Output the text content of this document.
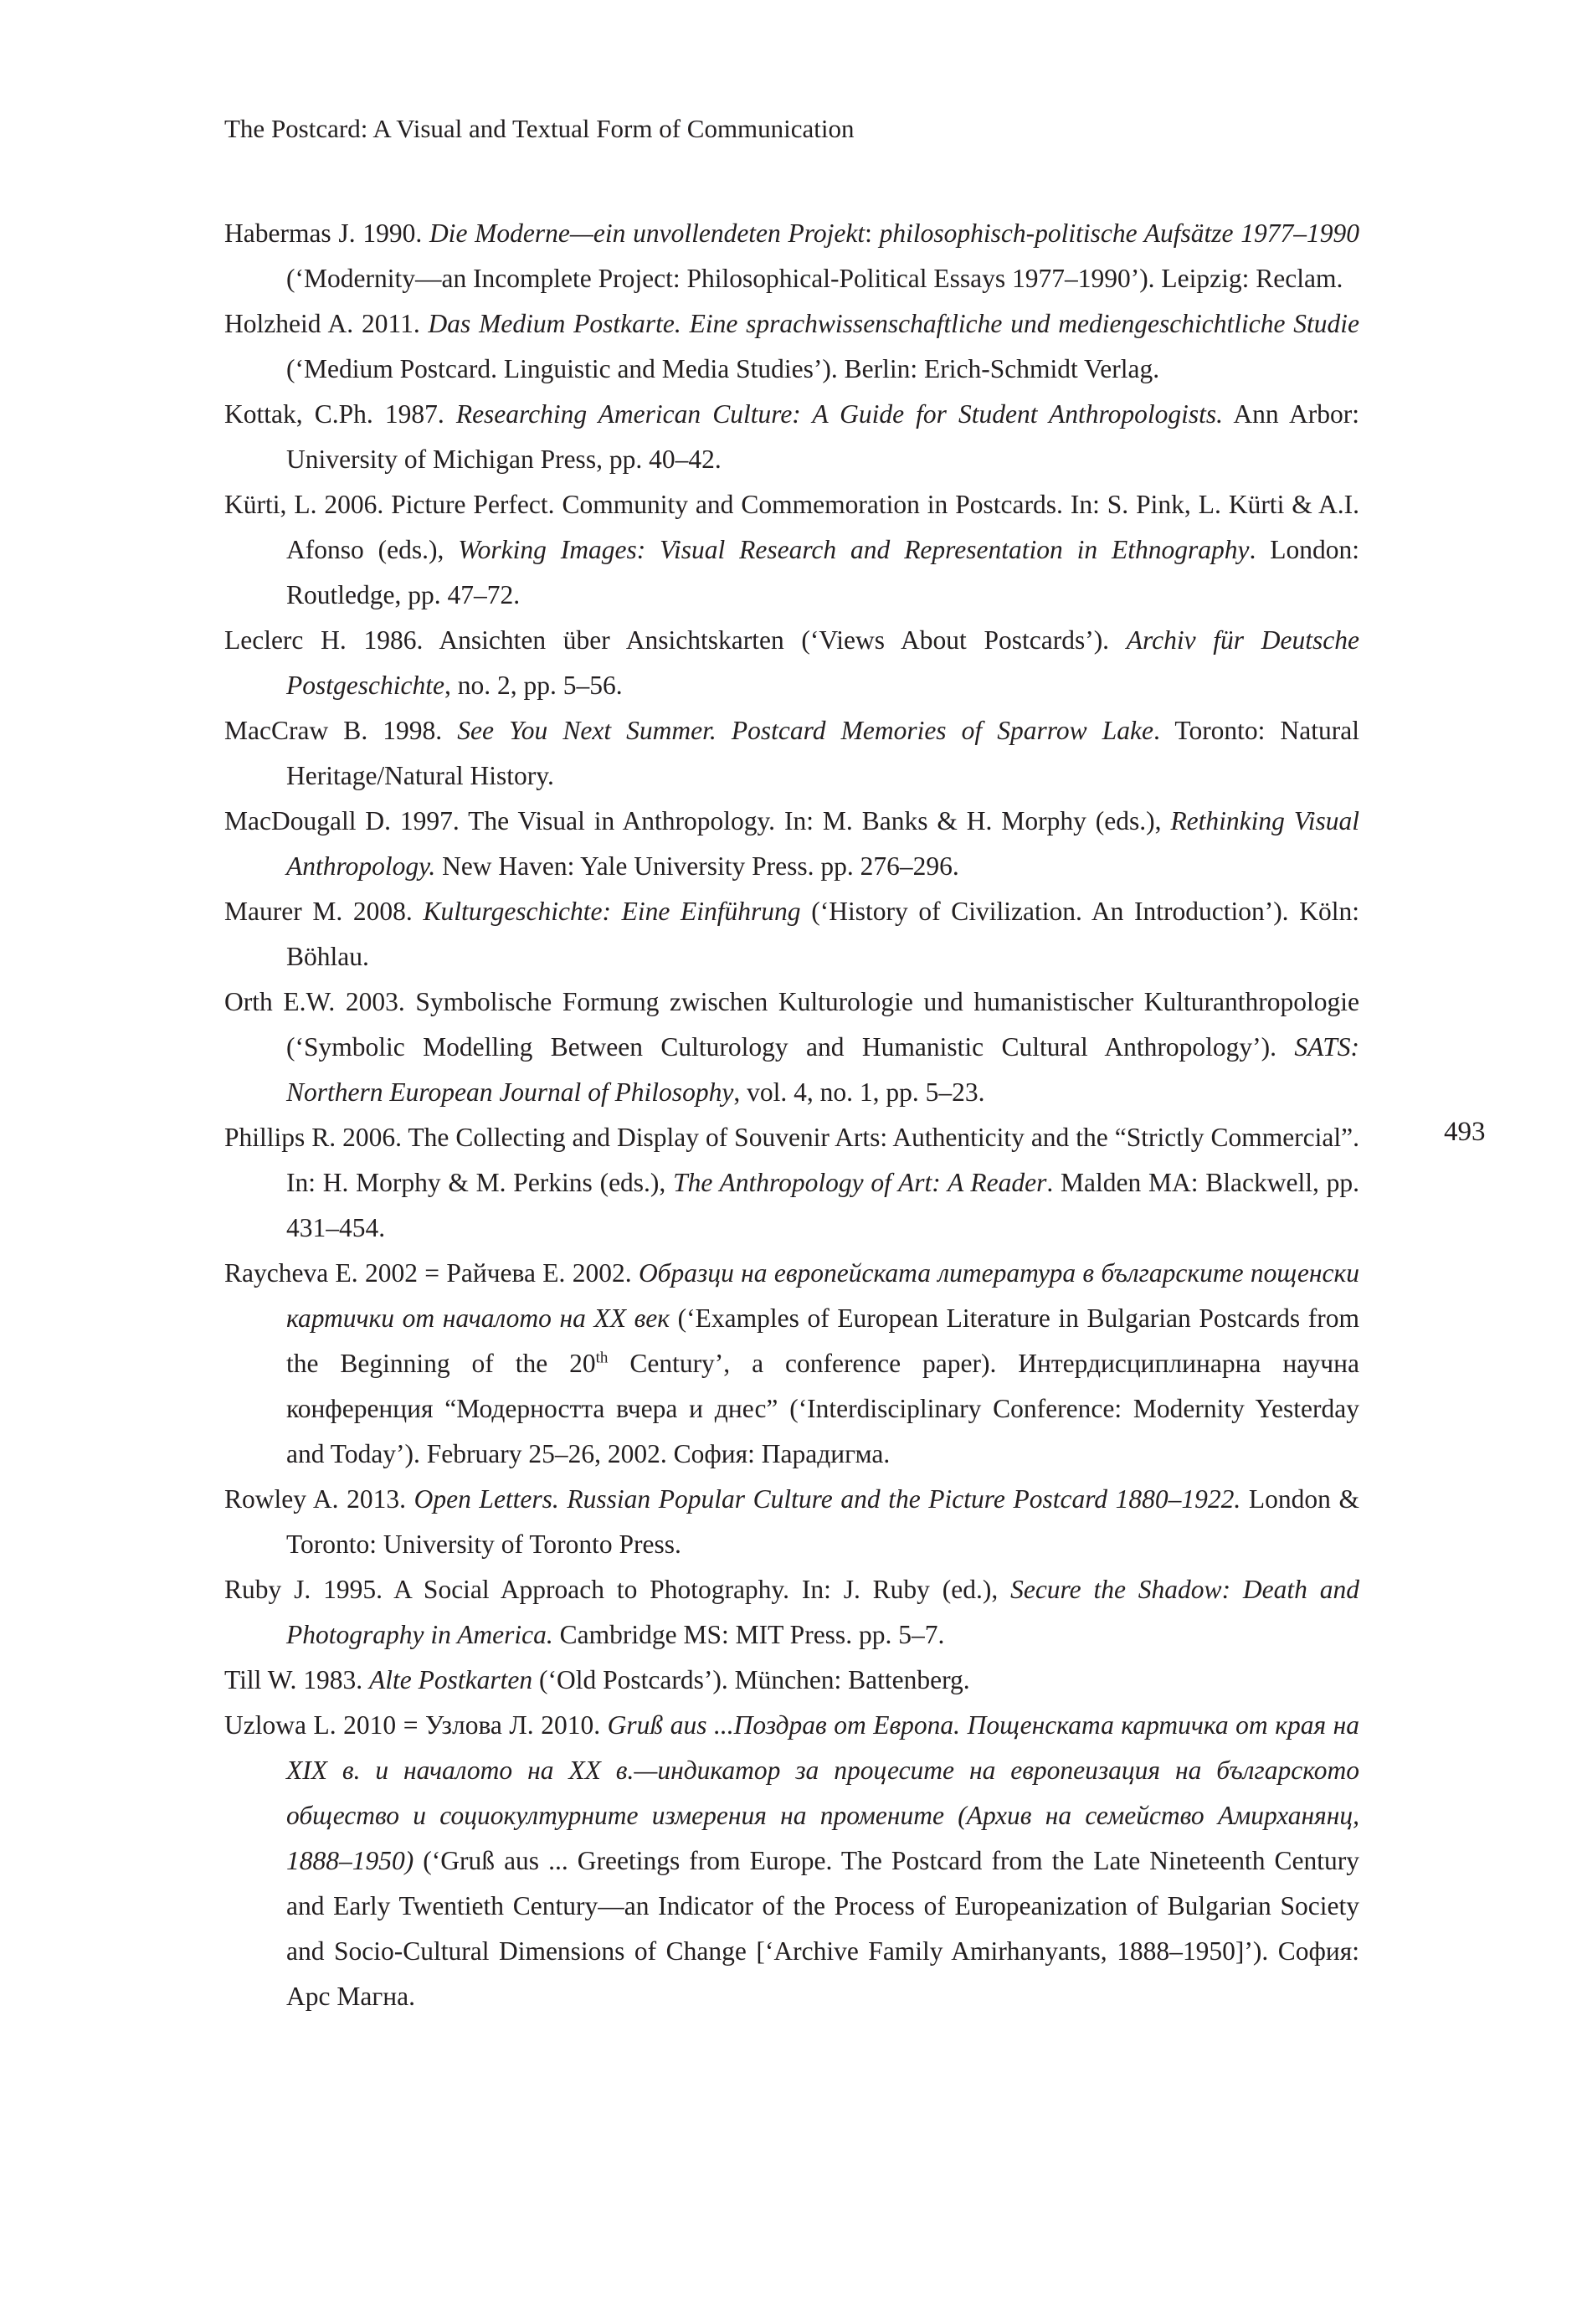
The Postcard: A Visual and Textual Form of Communication
Habermas J. 1990. Die Moderne—ein unvollendeten Projekt: philosophisch-politische Aufsätze 1977–1990 (‘Modernity—an Incomplete Project: Philosophical-Political Essays 1977–1990’). Leipzig: Reclam.
Holzheid A. 2011. Das Medium Postkarte. Eine sprachwissenschaftliche und mediengeschichtliche Studie (‘Medium Postcard. Linguistic and Media Studies’). Berlin: Erich-Schmidt Verlag.
Kottak, C.Ph. 1987. Researching American Culture: A Guide for Student Anthropologists. Ann Arbor: University of Michigan Press, pp. 40–42.
Kürti, L. 2006. Picture Perfect. Community and Commemoration in Postcards. In: S. Pink, L. Kürti & A.I. Afonso (eds.), Working Images: Visual Research and Representation in Ethnography. London: Routledge, pp. 47–72.
Leclerc H. 1986. Ansichten über Ansichtskarten (‘Views About Postcards’). Archiv für Deutsche Postgeschichte, no. 2, pp. 5–56.
MacCraw B. 1998. See You Next Summer. Postcard Memories of Sparrow Lake. Toronto: Natural Heritage/Natural History.
MacDougall D. 1997. The Visual in Anthropology. In: M. Banks & H. Morphy (eds.), Rethinking Visual Anthropology. New Haven: Yale University Press. pp. 276–296.
Maurer M. 2008. Kulturgeschichte: Eine Einführung (‘History of Civilization. An Introduction’). Köln: Böhlau.
Orth E.W. 2003. Symbolische Formung zwischen Kulturologie und humanistischer Kulturanthropologie (‘Symbolic Modelling Between Culturology and Humanistic Cultural Anthropology’). SATS: Northern European Journal of Philosophy, vol. 4, no. 1, pp. 5–23.
Phillips R. 2006. The Collecting and Display of Souvenir Arts: Authenticity and the “Strictly Commercial”. In: H. Morphy & M. Perkins (eds.), The Anthropology of Art: A Reader. Malden MA: Blackwell, pp. 431–454.
Raycheva E. 2002 = Райчева Е. 2002. Образци на европейската литература в българските пощенски картички от началото на ХХ век (‘Examples of European Literature in Bulgarian Postcards from the Beginning of the 20th Century’, a conference paper). Интердисциплинарна научна конференция “Модерността вчера и днес” (‘Interdisciplinary Conference: Modernity Yesterday and Today’). February 25–26, 2002. София: Парадигма.
Rowley A. 2013. Open Letters. Russian Popular Culture and the Picture Postcard 1880–1922. London & Toronto: University of Toronto Press.
Ruby J. 1995. A Social Approach to Photography. In: J. Ruby (ed.), Secure the Shadow: Death and Photography in America. Cambridge MS: MIT Press. pp. 5–7.
Till W. 1983. Alte Postkarten (‘Old Postcards’). München: Battenberg.
Uzlowa L. 2010 = Узлова Л. 2010. Gruß aus ...Поздрав от Европа. Пощенската картичка от края на ХIХ в. и началото на ХХ в.—индикатор за процесите на европеизация на българското общество и социокултурните измерения на промените (Архив на семейство Амирханянц, 1888–1950) (‘Gruß aus ... Greetings from Europe. The Postcard from the Late Nineteenth Century and Early Twentieth Century—an Indicator of the Process of Europeanization of Bulgarian Society and Socio-Cultural Dimensions of Change [‘Archive Family Amirhanyants, 1888–1950]’). София: Арс Магна.
493
